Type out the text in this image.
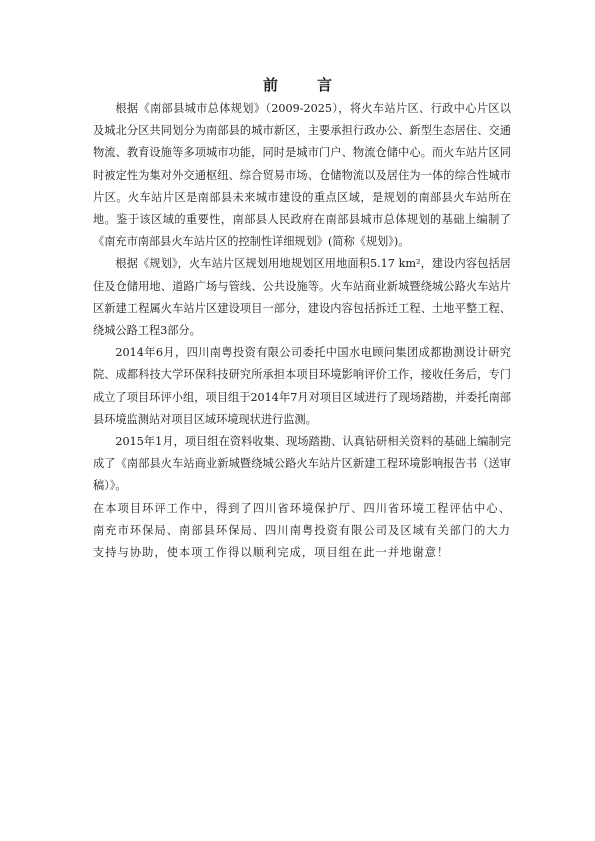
前　言

根据《南部县城市总体规划》（2009-2025），将火车站片区、行政中心片区以及城北分区共同划分为南部县的城市新区，主要承担行政办公、新型生态居住、交通物流、教育设施等多项城市功能，同时是城市门户、物流仓储中心。而火车站片区同时被定性为集对外交通枢纽、综合贸易市场、仓储物流以及居住为一体的综合性城市片区。火车站片区是南部县未来城市建设的重点区域，是规划的南部县火车站所在地。鉴于该区域的重要性，南部县人民政府在南部县城市总体规划的基础上编制了《南充市南部县火车站片区的控制性详细规划》(简称《规划》)。

根据《规划》，火车站片区规划用地规划区用地面积5.17 km²，建设内容包括居住及仓储用地、道路广场与管线、公共设施等。火车站商业新城暨绕城公路火车站片区新建工程属火车站片区建设项目一部分，建设内容包括拆迁工程、土地平整工程、绕城公路工程3部分。

2014年6月，四川南粤投资有限公司委托中国水电顾问集团成都勘测设计研究院、成都科技大学环保科技研究所承担本项目环境影响评价工作，接收任务后，专门成立了项目环评小组，项目组于2014年7月对项目区域进行了现场踏勘，并委托南部县环境监测站对项目区域环境现状进行监测。

2015年1月，项目组在资料收集、现场踏勘、认真钻研相关资料的基础上编制完成了《南部县火车站商业新城暨绕城公路火车站片区新建工程环境影响报告书（送审稿）》。

在本项目环评工作中，得到了四川省环境保护厅、四川省环境工程评估中心、南充市环保局、南部县环保局、四川南粤投资有限公司及区域有关部门的大力支持与协助，使本项工作得以顺利完成，项目组在此一并地谢意！
